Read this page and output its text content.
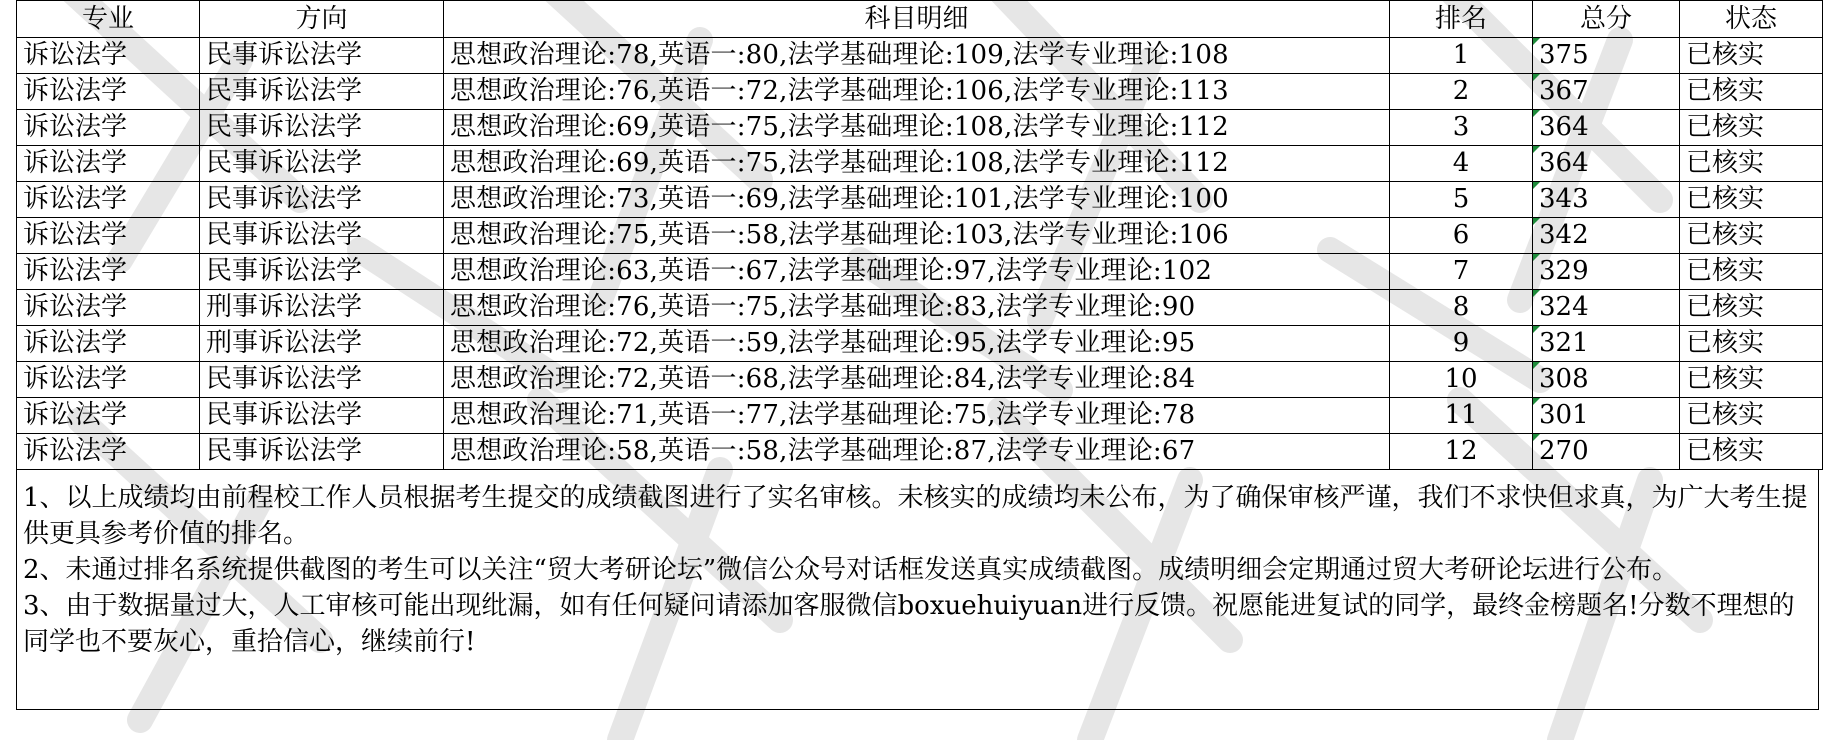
专业	方向	科目明细	排名	总分	状态
诉讼法学	民事诉讼法学	思想政治理论:78,英语一:80,法学基础理论:109,法学专业理论:108	1	375	已核实
诉讼法学	民事诉讼法学	思想政治理论:76,英语一:72,法学基础理论:106,法学专业理论:113	2	367	已核实
诉讼法学	民事诉讼法学	思想政治理论:69,英语一:75,法学基础理论:108,法学专业理论:112	3	364	已核实
诉讼法学	民事诉讼法学	思想政治理论:69,英语一:75,法学基础理论:108,法学专业理论:112	4	364	已核实
诉讼法学	民事诉讼法学	思想政治理论:73,英语一:69,法学基础理论:101,法学专业理论:100	5	343	已核实
诉讼法学	民事诉讼法学	思想政治理论:75,英语一:58,法学基础理论:103,法学专业理论:106	6	342	已核实
诉讼法学	民事诉讼法学	思想政治理论:63,英语一:67,法学基础理论:97,法学专业理论:102	7	329	已核实
诉讼法学	刑事诉讼法学	思想政治理论:76,英语一:75,法学基础理论:83,法学专业理论:90	8	324	已核实
诉讼法学	刑事诉讼法学	思想政治理论:72,英语一:59,法学基础理论:95,法学专业理论:95	9	321	已核实
诉讼法学	民事诉讼法学	思想政治理论:72,英语一:68,法学基础理论:84,法学专业理论:84	10	308	已核实
诉讼法学	民事诉讼法学	思想政治理论:71,英语一:77,法学基础理论:75,法学专业理论:78	11	301	已核实
诉讼法学	民事诉讼法学	思想政治理论:58,英语一:58,法学基础理论:87,法学专业理论:67	12	270	已核实

1、以上成绩均由前程校工作人员根据考生提交的成绩截图进行了实名审核。未核实的成绩均未公布，为了确保审核严谨，我们不求快但求真，为广大考生提供更具参考价值的排名。

2、未通过排名系统提供截图的考生可以关注“贸大考研论坛”微信公众号对话框发送真实成绩截图。成绩明细会定期通过贸大考研论坛进行公布。

3、由于数据量过大，人工审核可能出现纰漏，如有任何疑问请添加客服微信boxuehuiyuan进行反馈。祝愿能进复试的同学，最终金榜题名!分数不理想的同学也不要灰心，重拾信心，继续前行!
